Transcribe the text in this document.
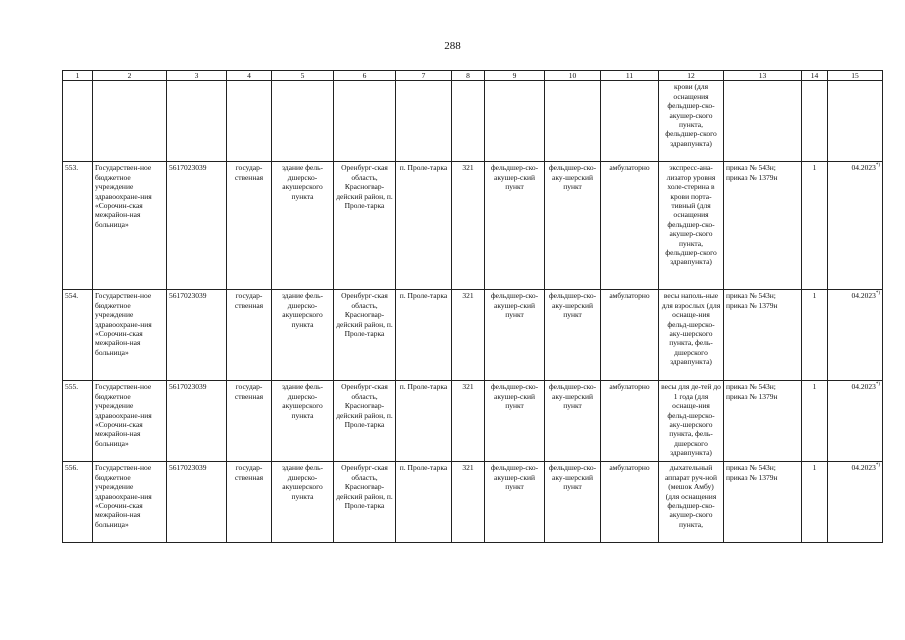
288
1	2	3	4	5	6	7	8	9	10	11	12	13	14	15
											крови (для оснащения фельдшер-ско-акушер-ского пункта, фельдшер-ского здравпункта)			
553.	Государствен-ное бюджетное учреждение здравоохране-ния «Сорочин-ская межрайон-ная больница»	5617023039	государ-ственная	здание фель-дшерско-акушерского пункта	Оренбург-ская область, Красногвар-дейский район, п. Проле-тарка	п. Проле-тарка	321	фельдшер-ско-акушер-ский пункт	фельдшер-ско-аку-шерский пункт	амбулаторно	экспресс-ана-лизатор уровня холе-стерина в крови порта-тивный (для оснащения фельдшер-ско-акушер-ского пункта, фельдшер-ского здравпункта)	приказ № 543н; приказ № 1379н	1	04.2023*)
554.	Государствен-ное бюджетное учреждение здравоохране-ния «Сорочин-ская межрайон-ная больница»	5617023039	государ-ственная	здание фель-дшерско-акушерского пункта	Оренбург-ская область, Красногвар-дейский район, п. Проле-тарка	п. Проле-тарка	321	фельдшер-ско-акушер-ский пункт	фельдшер-ско-аку-шерский пункт	амбулаторно	весы наполь-ные для взрослых (для оснаще-ния фельд-шерско-аку-шерского пункта, фель-дшерского здравпункта)	приказ № 543н; приказ № 1379н	1	04.2023*)
555.	Государствен-ное бюджетное учреждение здравоохране-ния «Сорочин-ская межрайон-ная больница»	5617023039	государ-ственная	здание фель-дшерско-акушерского пункта	Оренбург-ская область, Красногвар-дейский район, п. Проле-тарка	п. Проле-тарка	321	фельдшер-ско-акушер-ский пункт	фельдшер-ско-аку-шерский пункт	амбулаторно	весы для де-тей до 1 года (для оснаще-ния фельд-шерско-аку-шерского пункта, фель-дшерского здравпункта)	приказ № 543н; приказ № 1379н	1	04.2023*)
556.	Государствен-ное бюджетное учреждение здравоохране-ния «Сорочин-ская межрайон-ная больница»	5617023039	государ-ственная	здание фель-дшерско-акушерского пункта	Оренбург-ская область, Красногвар-дейский район, п. Проле-тарка	п. Проле-тарка	321	фельдшер-ско-акушер-ский пункт	фельдшер-ско-аку-шерский пункт	амбулаторно	дыхательный аппарат руч-ной (мешок Амбу) (для оснащения фельдшер-ско-акушер-ского пункта,	приказ № 543н; приказ № 1379н	1	04.2023*)
